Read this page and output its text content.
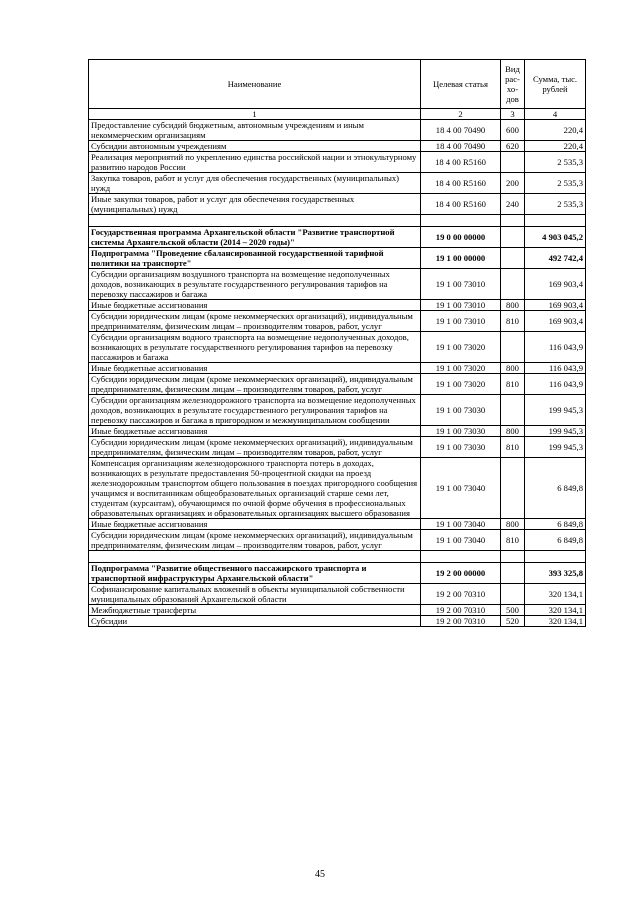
Наименование	Целевая статья	Вид рас-хо-дов	Сумма, тыс. рублей
1	2	3	4
Предоставление субсидий бюджетным, автономным учреждениям и иным некоммерческим организациям	18 4 00 70490	600	220,4
Субсидии автономным учреждениям	18 4 00 70490	620	220,4
Реализация мероприятий по укреплению единства российской нации и этнокультурному развитию народов России	18 4 00 R5160		2 535,3
Закупка товаров, работ и услуг для обеспечения государственных (муниципальных) нужд	18 4 00 R5160	200	2 535,3
Иные закупки товаров, работ и услуг для обеспечения государственных (муниципальных) нужд	18 4 00 R5160	240	2 535,3

Государственная программа Архангельской области "Развитие транспортной системы Архангельской области (2014 – 2020 годы)"	19 0 00 00000		4 903 045,2
Подпрограмма "Проведение сбалансированной государственной тарифной политики на транспорте"	19 1 00 00000		492 742,4
Субсидии организациям воздушного транспорта на возмещение недополученных доходов, возникающих в результате государственного регулирования тарифов на перевозку пассажиров и багажа	19 1 00 73010		169 903,4
Иные бюджетные ассигнования	19 1 00 73010	800	169 903,4
Субсидии юридическим лицам (кроме некоммерческих организаций), индивидуальным предпринимателям, физическим лицам – производителям товаров, работ, услуг	19 1 00 73010	810	169 903,4
Субсидии организациям водного транспорта на возмещение недополученных доходов, возникающих в результате государственного регулирования тарифов на перевозку пассажиров и багажа	19 1 00 73020		116 043,9
Иные бюджетные ассигнования	19 1 00 73020	800	116 043,9
Субсидии юридическим лицам (кроме некоммерческих организаций), индивидуальным предпринимателям, физическим лицам – производителям товаров, работ, услуг	19 1 00 73020	810	116 043,9
Субсидии организациям железнодорожного транспорта на возмещение недополученных доходов, возникающих в результате государственного регулирования тарифов на перевозку пассажиров и багажа в пригородном и межмуниципальном сообщении	19 1 00 73030		199 945,3
Иные бюджетные ассигнования	19 1 00 73030	800	199 945,3
Субсидии юридическим лицам (кроме некоммерческих организаций), индивидуальным предпринимателям, физическим лицам – производителям товаров, работ, услуг	19 1 00 73030	810	199 945,3
Компенсация организациям железнодорожного транспорта потерь в доходах, возникающих в результате предоставления 50-процентной скидки на проезд железнодорожным транспортом общего пользования в поездах пригородного сообщения учащимся и воспитанникам общеобразовательных организаций старше семи лет, студентам (курсантам), обучающимся по очной форме обучения в профессиональных образовательных организациях и образовательных организациях высшего образования	19 1 00 73040		6 849,8
Иные бюджетные ассигнования	19 1 00 73040	800	6 849,8
Субсидии юридическим лицам (кроме некоммерческих организаций), индивидуальным предпринимателям, физическим лицам – производителям товаров, работ, услуг	19 1 00 73040	810	6 849,8

Подпрограмма "Развитие общественного пассажирского транспорта и транспортной инфраструктуры Архангельской области"	19 2 00 00000		393 325,8
Софинансирование капитальных вложений в объекты муниципальной собственности муниципальных образований Архангельской области	19 2 00 70310		320 134,1
Межбюджетные трансферты	19 2 00 70310	500	320 134,1
Субсидии	19 2 00 70310	520	320 134,1
45
